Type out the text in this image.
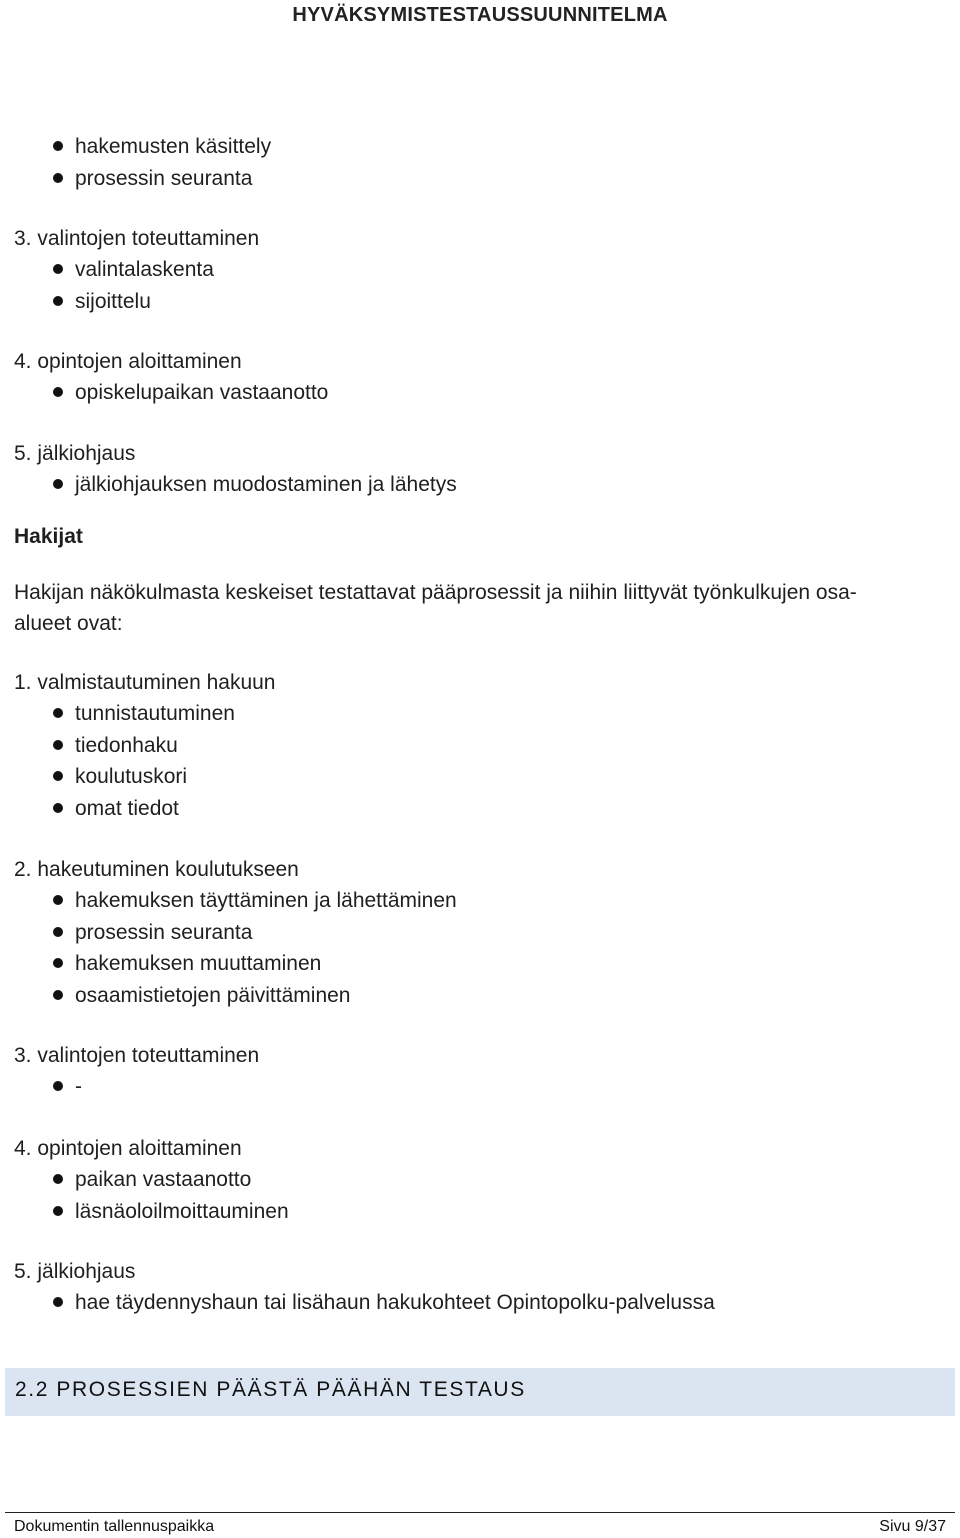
HYVÄKSYMISTESTAUSSUUNNITELMA
hakemusten käsittely
prosessin seuranta
3. valintojen toteuttaminen
valintalaskenta
sijoittelu
4. opintojen aloittaminen
opiskelupaikan vastaanotto
5. jälkiohjaus
jälkiohjauksen muodostaminen ja lähetys
Hakijat
Hakijan näkökulmasta keskeiset testattavat pääprosessit ja niihin liittyvät työnkulkujen osa-
alueet ovat:
1. valmistautuminen hakuun
tunnistautuminen
tiedonhaku
koulutuskori
omat tiedot
2. hakeutuminen koulutukseen
hakemuksen täyttäminen ja lähettäminen
prosessin seuranta
hakemuksen muuttaminen
osaamistietojen päivittäminen
3. valintojen toteuttaminen
-
4. opintojen aloittaminen
paikan vastaanotto
läsnäoloilmoittauminen
5. jälkiohjaus
hae täydennyshaun tai lisähaun hakukohteet Opintopolku-palvelussa
2.2 PROSESSIEN PÄÄSTÄ PÄÄHÄN TESTAUS
Dokumentin tallennuspaikka	Sivu 9/37
